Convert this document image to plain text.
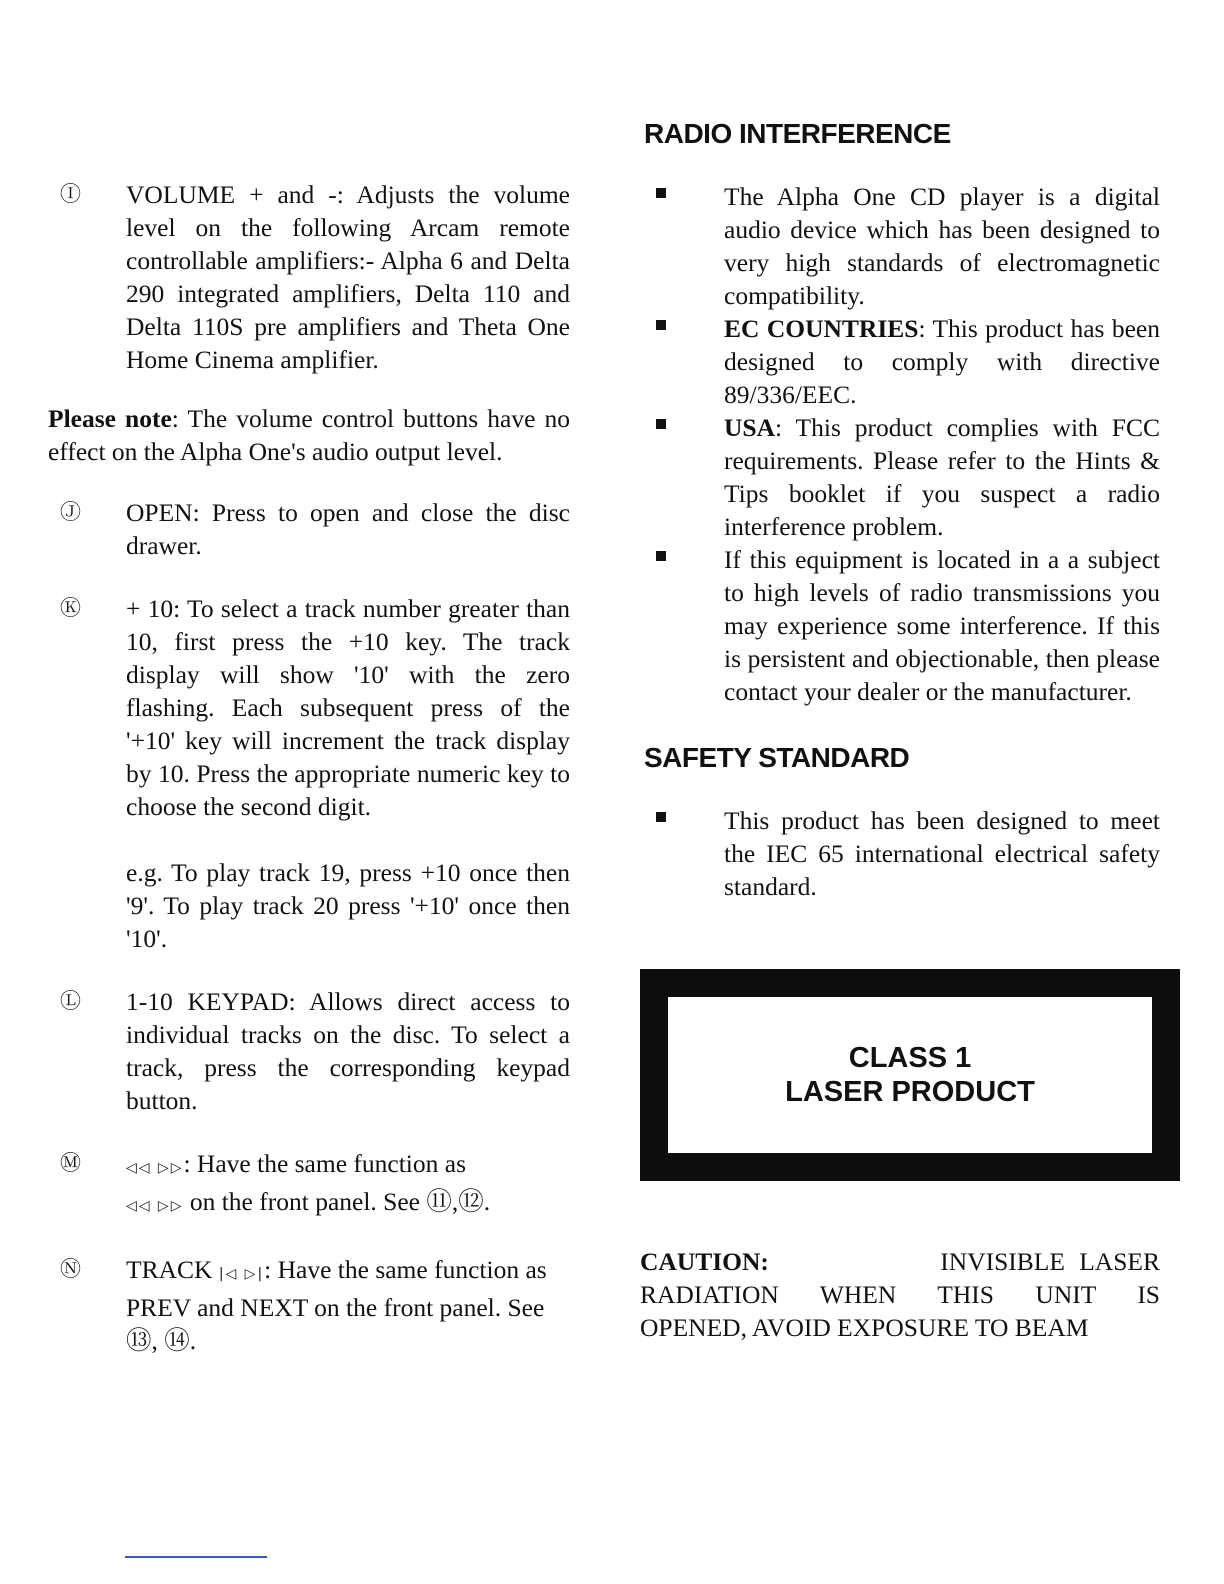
Ⓘ	VOLUME + and -: Adjusts the volume level on the following Arcam remote controllable amplifiers:- Alpha 6 and Delta 290 integrated amplifiers, Delta 110 and Delta 110S pre amplifiers and Theta One Home Cinema amplifier.

Please note: The volume control buttons have no effect on the Alpha One's audio output level.

Ⓙ	OPEN: Press to open and close the disc drawer.

Ⓚ	+ 10: To select a track number greater than 10, first press the +10 key. The track display will show '10' with the zero flashing. Each subsequent press of the '+10' key will increment the track display by 10. Press the appropriate numeric key to choose the second digit.

e.g. To play track 19, press +10 once then '9'. To play track 20 press '+10' once then '10'.

Ⓛ	1-10 KEYPAD: Allows direct access to individual tracks on the disc. To select a track, press the corresponding keypad button.

Ⓜ	◁◁ ▷▷: Have the same function as
◁◁ ▷▷ on the front panel. See ⑪,⑫.

Ⓝ	TRACK |◁ ▷|: Have the same function as PREV and NEXT on the front panel. See ⑬, ⑭.

RADIO INTERFERENCE

The Alpha One CD player is a digital audio device which has been designed to very high standards of electromagnetic compatibility.

EC COUNTRIES: This product has been designed to comply with directive 89/336/EEC.

USA: This product complies with FCC requirements. Please refer to the Hints & Tips booklet if you suspect a radio interference problem.

If this equipment is located in a a subject to high levels of radio transmissions you may experience some interference. If this is persistent and objectionable, then please contact your dealer or the manufacturer.

SAFETY STANDARD

This product has been designed to meet the IEC 65 international electrical safety standard.

CLASS 1
LASER PRODUCT

CAUTION:	INVISIBLE LASER

RADIATION WHEN THIS UNIT IS

OPENED, AVOID EXPOSURE TO BEAM
